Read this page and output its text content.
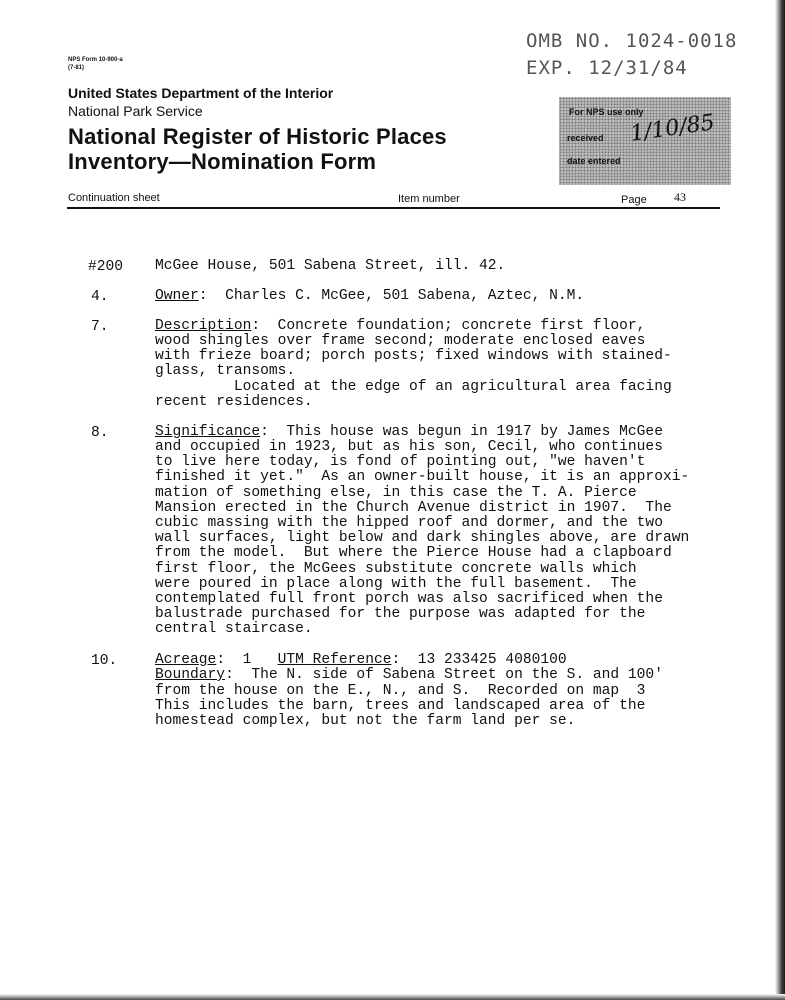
NPS Form 10-900-a
(7-81)
United States Department of the Interior
National Park Service
National Register of Historic Places
Inventory—Nomination Form
OMB NO. 1024-0018
EXP. 12/31/84
For NPS use only
received 1/10/85
date entered
Continuation sheet	Item number	Page 43
#200 McGee House, 501 Sabena Street, ill. 42.
4.	Owner:  Charles C. McGee, 501 Sabena, Aztec, N.M.
7.	Description:  Concrete foundation; concrete first floor,
wood shingles over frame second; moderate enclosed eaves
with frieze board; porch posts; fixed windows with stained-
glass, transoms.
Located at the edge of an agricultural area facing
recent residences.
8.	Significance:  This house was begun in 1917 by James McGee
and occupied in 1923, but as his son, Cecil, who continues
to live here today, is fond of pointing out, "we haven't
finished it yet."  As an owner-built house, it is an approxi-
mation of something else, in this case the T. A. Pierce
Mansion erected in the Church Avenue district in 1907.  The
cubic massing with the hipped roof and dormer, and the two
wall surfaces, light below and dark shingles above, are drawn
from the model.  But where the Pierce House had a clapboard
first floor, the McGees substitute concrete walls which
were poured in place along with the full basement.  The
contemplated full front porch was also sacrificed when the
balustrade purchased for the purpose was adapted for the
central staircase.
10.	Acreage:  1   UTM Reference:  13 233425 4080100
Boundary:  The N. side of Sabena Street on the S. and 100'
from the house on the E., N., and S.  Recorded on map  3
This includes the barn, trees and landscaped area of the
homestead complex, but not the farm land per se.
